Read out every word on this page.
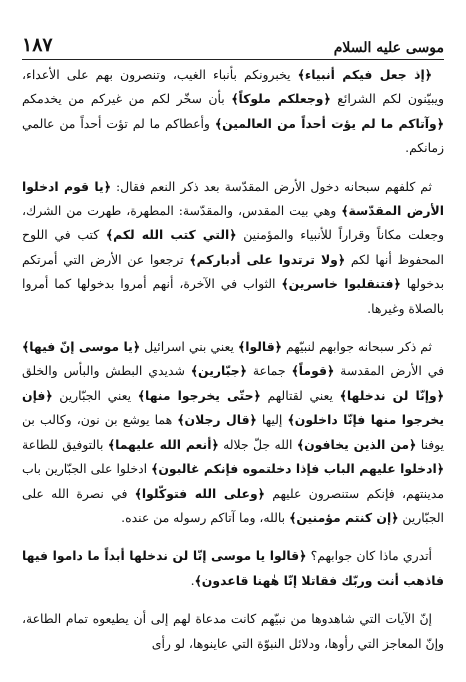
موسى عليه السلام
١٨٧

﴿إذ جعل فيكم أنبياء﴾ يخبرونكم بأنباء الغيب، وتنصرون بهم على الأعداء، ويبيّنون لكم الشرائع ﴿وجعلكم ملوكاً﴾ بأن سخّر لكم من غيركم من يخدمكم ﴿وآتاكم ما لم يؤت أحداً من العالمين﴾ وأعطاكم ما لم تؤت أحداً من عالمي زمانكم.

ثم كلفهم سبحانه دخول الأرض المقدّسة بعد ذكر النعم فقال: ﴿يا قوم ادخلوا الأرض المقدّسة﴾ وهي بيت المقدس، والمقدّسة: المطهرة، طهرت من الشرك، وجعلت مكاناً وقراراً للأنبياء والمؤمنين ﴿التي كتب الله لكم﴾ كتب في اللوح المحفوظ أنها لكم ﴿ولا ترتدوا على أدباركم﴾ ترجعوا عن الأرض التي أمرتكم بدخولها ﴿فتنقلبوا خاسرين﴾ الثواب في الآخرة، أنهم أمروا بدخولها كما أمروا بالصلاة وغيرها.

ثم ذكر سبحانه جوابهم لنبيّهم ﴿قالوا﴾ يعني بني اسرائيل ﴿يا موسى إنّ فيها﴾ في الأرض المقدسة ﴿قوماً﴾ جماعة ﴿جبّارين﴾ شديدي البطش والبأس والخلق ﴿وإنّا لن ندخلها﴾ يعني لقتالهم ﴿حتّى يخرجوا منها﴾ يعني الجبّارين ﴿فإن يخرجوا منها فإنّا داخلون﴾ إليها ﴿قال رجلان﴾ هما يوشع بن نون، وكالب بن يوفنا ﴿من الذين يخافون﴾ الله جلّ جلاله ﴿أنعم الله عليهما﴾ بالتوفيق للطاعة ﴿ادخلوا عليهم الباب فإذا دخلتموه فإنكم غالبون﴾ ادخلوا على الجبّارين باب مدينتهم، فإنكم ستنصرون عليهم ﴿وعلى الله فتوكّلوا﴾ في نصرة الله على الجبّارين ﴿إن كنتم مؤمنين﴾ بالله، وما آتاكم رسوله من عنده.

أتدري ماذا كان جوابهم؟ ﴿قالوا يا موسى إنّا لن ندخلها أبداً ما داموا فيها فاذهب أنت وربّك فقاتلا إنّا هٰهنا قاعدون﴾.

إنّ الآيات التي شاهدوها من نبيّهم كانت مدعاة لهم إلى أن يطيعوه تمام الطاعة، وإنّ المعاجز التي رأوها، ودلائل النبوّة التي عاينوها، لو رأى
